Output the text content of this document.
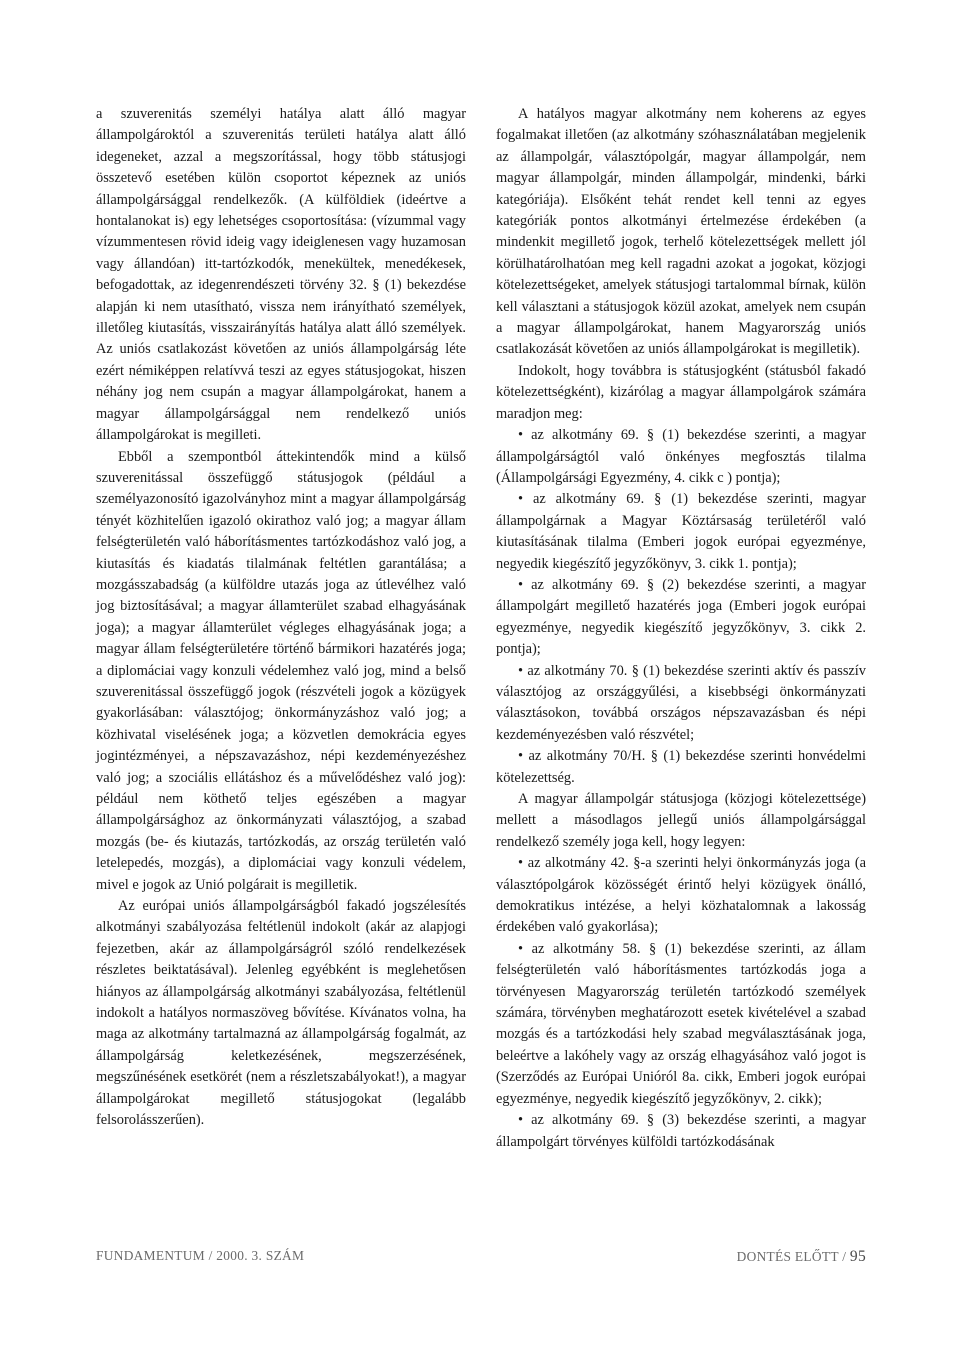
a szuverenitás személyi hatálya alatt álló magyar állampolgároktól a szuverenitás területi hatálya alatt álló idegeneket, azzal a megszorítással, hogy több státusjogi összetevő esetében külön csoportot képeznek az uniós állampolgársággal rendelkezők. (A külföldiek (ideértve a hontalanokat is) egy lehetséges csoportosítása: (vízummal vagy vízummentesen rövid ideig vagy ideiglenesen vagy huzamosan vagy állandóan) itt-tartózkodók, menekültek, menedékesek, befogadottak, az idegenrendészeti törvény 32. § (1) bekezdése alapján ki nem utasítható, vissza nem irányítható személyek, illetőleg kiutasítás, visszairányítás hatálya alatt álló személyek. Az uniós csatlakozást követően az uniós állampolgárság léte ezért némiképpen relatívvá teszi az egyes státusjogokat, hiszen néhány jog nem csupán a magyar állampolgárokat, hanem a magyar állampolgársággal nem rendelkező uniós állampolgárokat is megilleti.

Ebből a szempontból áttekintendők mind a külső szuverenitással összefüggő státusjogok (például a személyazonosító igazolványhoz mint a magyar állampolgárság tényét közhitelűen igazoló okirathoz való jog; a magyar állam felségterületén való háborításmentes tartózkodáshoz való jog, a kiutasítás és kiadatás tilalmának feltétlen garantálása; a mozgásszabadság (a külföldre utazás joga az útlevélhez való jog biztosításával; a magyar államterület szabad elhagyásának joga); a magyar államterület végleges elhagyásának joga; a magyar állam felségterületére történő bármikori hazatérés joga; a diplomáciai vagy konzuli védelemhez való jog, mind a belső szuverenitással összefüggő jogok (részvételi jogok a közügyek gyakorlásában: választójog; önkormányzáshoz való jog; a közhivatal viselésének joga; a közvetlen demokrácia egyes jogintézményei, a népszavazáshoz, népi kezdeményezéshez való jog; a szociális ellátáshoz és a művelődéshez való jog): például nem köthető teljes egészében a magyar állampolgársághoz az önkormányzati választójog, a szabad mozgás (be- és kiutazás, tartózkodás, az ország területén való letelepedés, mozgás), a diplomáciai vagy konzuli védelem, mivel e jogok az Unió polgárait is megilletik.

Az európai uniós állampolgárságból fakadó jogszélesítés alkotmányi szabályozása feltétlenül indokolt (akár az alapjogi fejezetben, akár az állampolgárságról szóló rendelkezések részletes beiktatásával). Jelenleg egyébként is meglehetősen hiányos az állampolgárság alkotmányi szabályozása, feltétlenül indokolt a hatályos normaszöveg bővítése. Kívánatos volna, ha maga az alkotmány tartalmazná az állampolgárság fogalmát, az állampolgárság keletkezésének, megszerzésének, megszűnésének esetkörét (nem a részletszabályokat!), a magyar állampolgárokat megillető státusjogokat (legalább felsorolásszerűen).

A hatályos magyar alkotmány nem koherens az egyes fogalmakat illetően (az alkotmány szóhasználatában megjelenik az állampolgár, választópolgár, magyar állampolgár, nem magyar állampolgár, minden állampolgár, mindenki, bárki kategóriája). Elsőként tehát rendet kell tenni az egyes kategóriák pontos alkotmányi értelmezése érdekében (a mindenkit megillető jogok, terhelő kötelezettségek mellett jól körülhatárolhatóan meg kell ragadni azokat a jogokat, közjogi kötelezettségeket, amelyek státusjogi tartalommal bírnak, külön kell választani a státusjogok közül azokat, amelyek nem csupán a magyar állampolgárokat, hanem Magyarország uniós csatlakozását követően az uniós állampolgárokat is megilletik).

Indokolt, hogy továbbra is státusjogként (státusból fakadó kötelezettségként), kizárólag a magyar állampolgárok számára maradjon meg:

• az alkotmány 69. § (1) bekezdése szerinti, a magyar állampolgárságtól való önkényes megfosztás tilalma (Állampolgársági Egyezmény, 4. cikk c ) pontja);

• az alkotmány 69. § (1) bekezdése szerinti, magyar állampolgárnak a Magyar Köztársaság területéről való kiutasításának tilalma (Emberi jogok európai egyezménye, negyedik kiegészítő jegyzőkönyv, 3. cikk 1. pontja);

• az alkotmány 69. § (2) bekezdése szerinti, a magyar állampolgárt megillető hazatérés joga (Emberi jogok európai egyezménye, negyedik kiegészítő jegyzőkönyv, 3. cikk 2. pontja);

• az alkotmány 70. § (1) bekezdése szerinti aktív és passzív választójog az országgyűlési, a kisebbségi önkormányzati választásokon, továbbá országos népszavazásban és népi kezdeményezésben való részvétel;

• az alkotmány 70/H. § (1) bekezdése szerinti honvédelmi kötelezettség.

A magyar állampolgár státusjoga (közjogi kötelezettsége) mellett a másodlagos jellegű uniós állampolgársággal rendelkező személy joga kell, hogy legyen:

• az alkotmány 42. §-a szerinti helyi önkormányzás joga (a választópolgárok közösségét érintő helyi közügyek önálló, demokratikus intézése, a helyi közhatalomnak a lakosság érdekében való gyakorlása);

• az alkotmány 58. § (1) bekezdése szerinti, az állam felségterületén való háborításmentes tartózkodás joga a törvényesen Magyarország területén tartózkodó személyek számára, törvényben meghatározott esetek kivételével a szabad mozgás és a tartózkodási hely szabad megválasztásának joga, beleértve a lakóhely vagy az ország elhagyásához való jogot is (Szerződés az Európai Unióról 8a. cikk, Emberi jogok európai egyezménye, negyedik kiegészítő jegyzőkönyv, 2. cikk);

• az alkotmány 69. § (3) bekezdése szerinti, a magyar állampolgárt törvényes külföldi tartózkodásának

FUNDAMENTUM / 2000. 3. SZÁM	DONTÉS ELŐTT / 95
